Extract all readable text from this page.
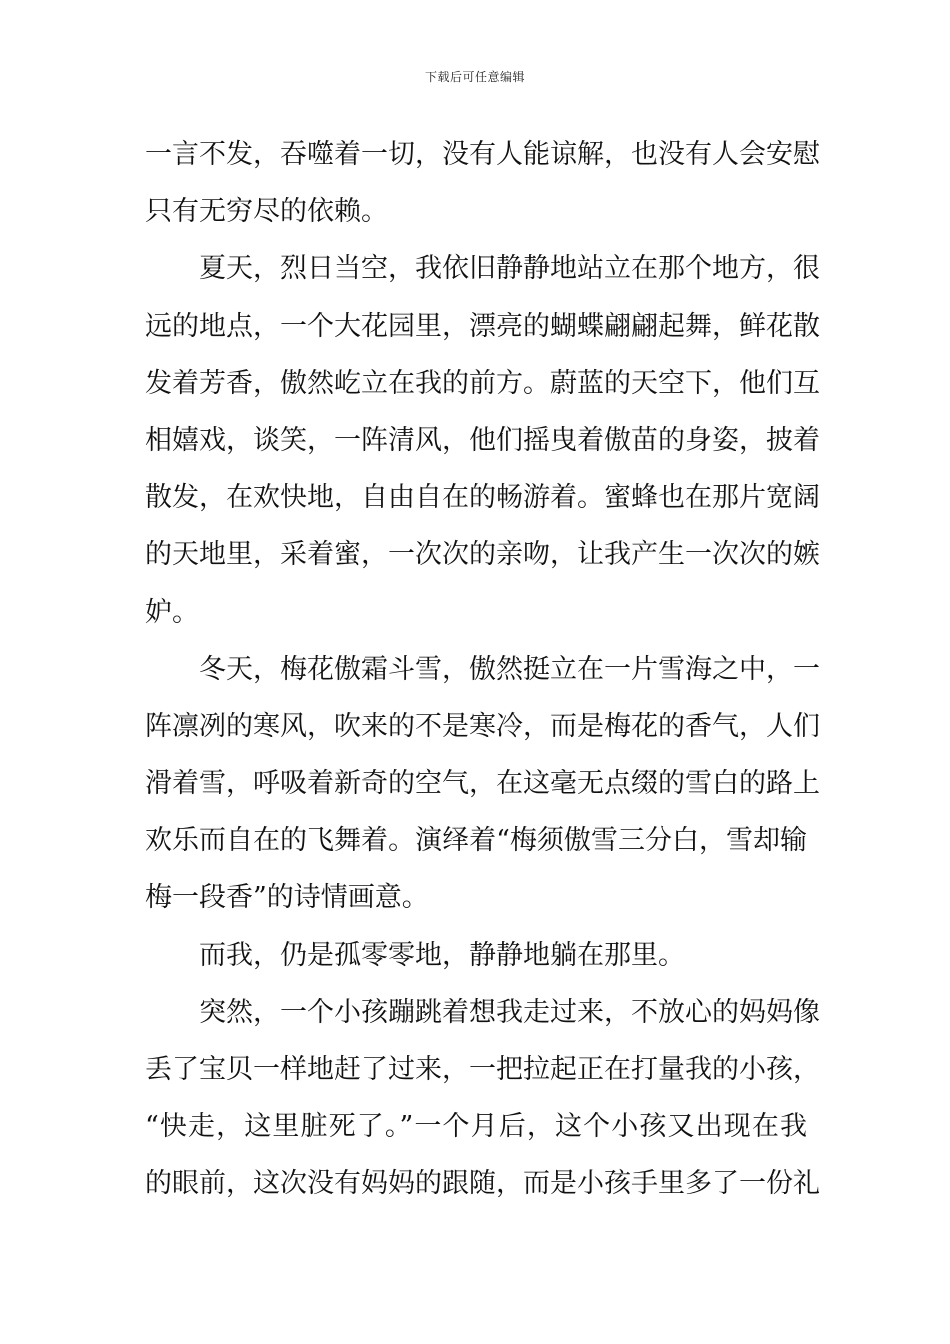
下载后可任意编辑
一言不发，吞噬着一切，没有人能谅解，也没有人会安慰
只有无穷尽的依赖。
夏天，烈日当空，我依旧静静地站立在那个地方，很
远的地点，一个大花园里，漂亮的蝴蝶翩翩起舞，鲜花散
发着芳香，傲然屹立在我的前方。蔚蓝的天空下，他们互
相嬉戏，谈笑，一阵清风，他们摇曳着傲苗的身姿，披着
散发，在欢快地，自由自在的畅游着。蜜蜂也在那片宽阔
的天地里，采着蜜，一次次的亲吻，让我产生一次次的嫉
妒。
冬天，梅花傲霜斗雪，傲然挺立在一片雪海之中，一
阵凛冽的寒风，吹来的不是寒冷，而是梅花的香气，人们
滑着雪，呼吸着新奇的空气，在这毫无点缀的雪白的路上
欢乐而自在的飞舞着。演绎着“梅须傲雪三分白，雪却输
梅一段香”的诗情画意。
而我，仍是孤零零地，静静地躺在那里。
突然，一个小孩蹦跳着想我走过来，不放心的妈妈像
丢了宝贝一样地赶了过来，一把拉起正在打量我的小孩，
“快走，这里脏死了。”一个月后，这个小孩又出现在我
的眼前，这次没有妈妈的跟随，而是小孩手里多了一份礼
